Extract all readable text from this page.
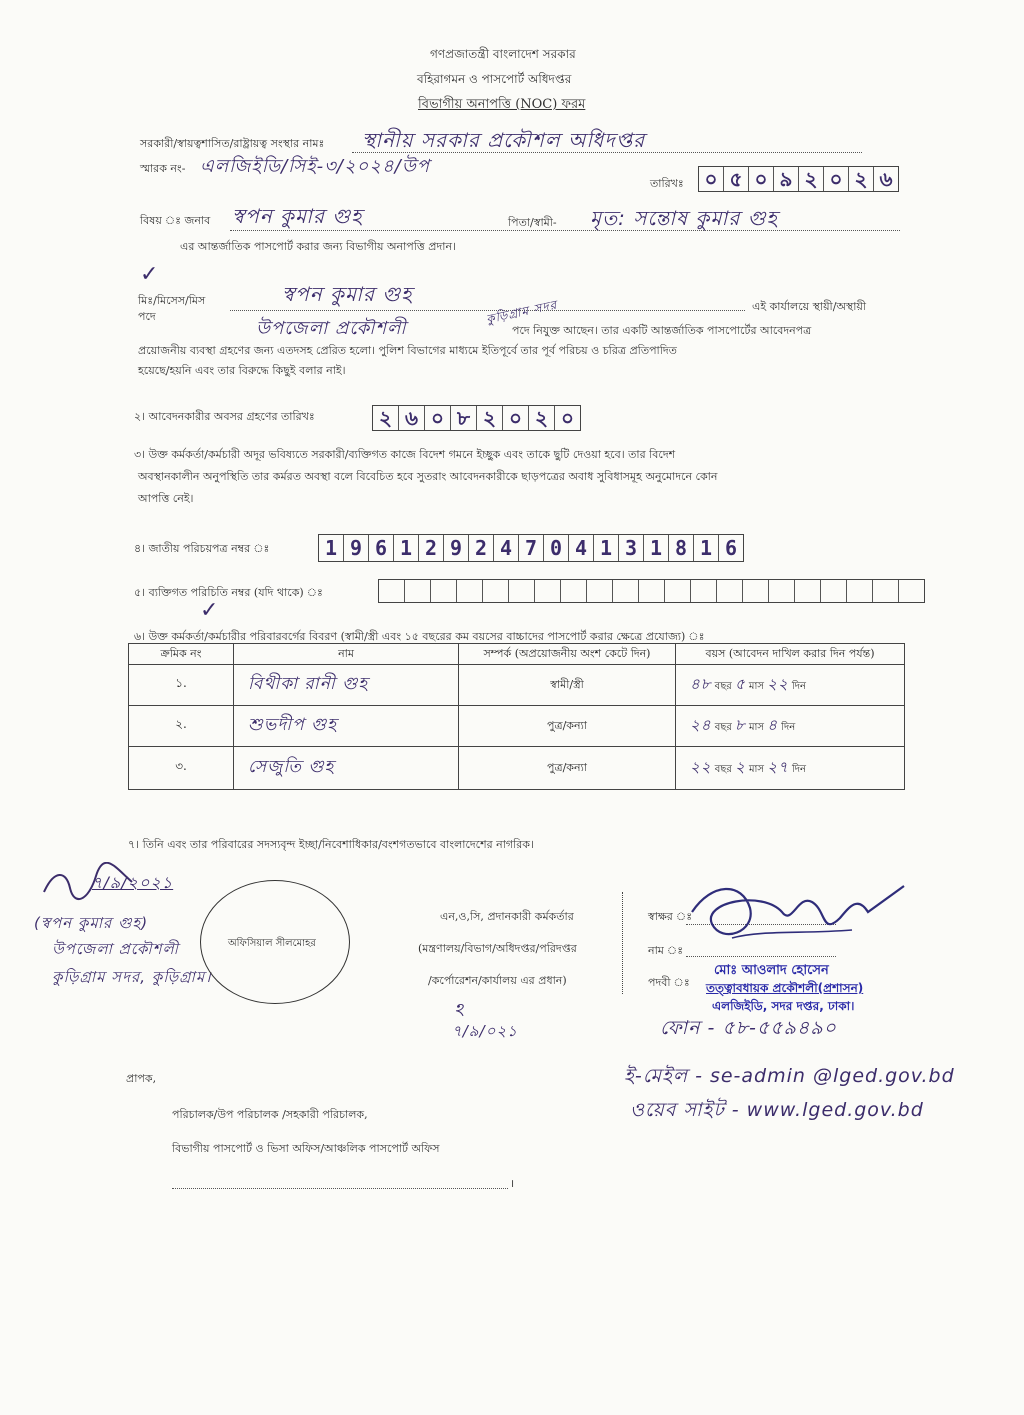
গণপ্রজাতন্ত্রী বাংলাদেশ সরকার
বহিরাগমন ও পাসপোর্ট অধিদপ্তর
বিভাগীয় অনাপত্তি (NOC) ফরম
সরকারী/স্বায়ত্বশাসিত/রাষ্ট্রায়ত্ব সংস্থার নামঃ স্থানীয় সরকার প্রকৌশল অধিদপ্তর
স্মারক নং- এলজিইডি/সিই-৩/২০২৪/উপ
তারিখঃ ০ ৫ ০ ৯ ২ ০ ২ ৬
বিষয় ঃ জনাব স্বপন কুমার গুহ	পিতা/স্বামী- মৃত: সন্তোষ কুমার গুহ
এর আন্তর্জাতিক পাসপোর্ট করার জন্য বিভাগীয় অনাপত্তি প্রদান।
✓
মিঃ/মিসেস/মিস	স্বপন কুমার গুহ
এই কার্যালয়ে স্থায়ী/অস্থায়ী
পদে
উপজেলা প্রকৌশলী
কুড়িগ্রাম সদর
পদে নিযুক্ত আছেন। তার একটি আন্তর্জাতিক পাসপোর্টের আবেদনপত্র
প্রয়োজনীয় ব্যবস্থা গ্রহণের জন্য এতদসহ প্রেরিত হলো। পুলিশ বিভাগের মাধ্যমে ইতিপূর্বে তার পূর্ব পরিচয় ও চরিত্র প্রতিপাদিত
হয়েছে/হয়নি এবং তার বিরুদ্ধে কিছুই বলার নাই।
২। আবেদনকারীর অবসর গ্রহণের তারিখঃ	২ ৬ ০ ৮ ২ ০ ২ ০
৩। উক্ত কর্মকর্তা/কর্মচারী অদূর ভবিষ্যতে সরকারী/ব্যক্তিগত কাজে বিদেশ গমনে ইচ্ছুক এবং তাকে ছুটি দেওয়া হবে। তার বিদেশ
অবস্থানকালীন অনুপস্থিতি তার কর্মরত অবস্থা বলে বিবেচিত হবে সুতরাং আবেদনকারীকে ছাড়পত্রের অবাধ সুবিধাসমূহ অনুমোদনে কোন
আপত্তি নেই।
৪। জাতীয় পরিচয়পত্র নম্বর ঃ	1 9 6 1 2 9 2 4 7 0 4 1 3 1 8 1 6
৫। ব্যক্তিগত পরিচিতি নম্বর (যদি থাকে) ঃ
✓
৬। উক্ত কর্মকর্তা/কর্মচারীর পরিবারবর্গের বিবরণ (স্বামী/স্ত্রী এবং ১৫ বছরের কম বয়সের বাচ্চাদের পাসপোর্ট করার ক্ষেত্রে প্রযোজ্য) ঃ
ক্রমিক নং	নাম	সম্পর্ক (অপ্রয়োজনীয় অংশ কেটে দিন)	বয়স (আবেদন দাখিল করার দিন পর্যন্ত)
১.	বিথীকা রানী গুহ	স্বামী/স্ত্রী	৪৮ বছর ৫ মাস ২২ দিন
২.	শুভদীপ গুহ	পুত্র/কন্যা	২৪ বছর ৮ মাস ৪ দিন
৩.	সেজুতি গুহ	পুত্র/কন্যা	২২ বছর ২ মাস ২৭ দিন
৭। তিনি এবং তার পরিবারের সদস্যবৃন্দ ইচ্ছা/নিবেশাধিকার/বংশগতভাবে বাংলাদেশের নাগরিক।
৭/৯/২০২১
(স্বপন কুমার গুহ)
উপজেলা প্রকৌশলী
কুড়িগ্রাম সদর, কুড়িগ্রাম।
অফিসিয়াল সীলমোহর
এন,ও,সি, প্রদানকারী কর্মকর্তার
(মন্ত্রণালয়/বিভাগ/অধিদপ্তর/পরিদপ্তর
/কর্পোরেশন/কার্যালয় এর প্রধান)
স্বাক্ষর ঃ
নাম ঃ
পদবী ঃ
মোঃ আওলাদ হোসেন
তত্ত্বাবধায়ক প্রকৌশলী(প্রশাসন)
এলজিইডি, সদর দপ্তর, ঢাকা।
ঽ
৭/৯/০২১	ফোন - ৫৮-৫৫৯৪৯০
ই-মেইল - se-admin @lged.gov.bd
ওয়েব সাইট - www.lged.gov.bd
প্রাপক,
পরিচালক/উপ পরিচালক /সহকারী পরিচালক,
বিভাগীয় পাসপোর্ট ও ভিসা অফিস/আঞ্চলিক পাসপোর্ট অফিস
।
